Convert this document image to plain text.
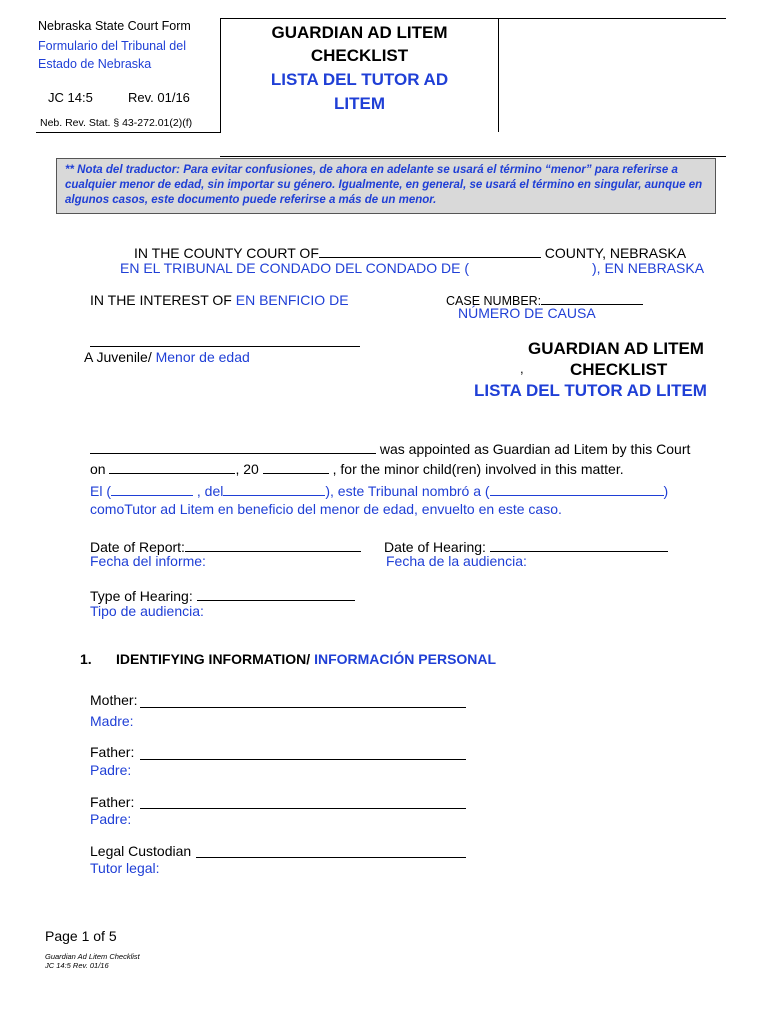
Nebraska State Court Form
Formulario del Tribunal del
Estado de Nebraska
JC 14:5	Rev. 01/16
Neb. Rev. Stat. § 43-272.01(2)(f)
GUARDIAN AD LITEM
CHECKLIST
LISTA DEL TUTOR AD
LITEM
** Nota del traductor: Para evitar confusiones, de ahora en adelante se usará el término “menor” para referirse a cualquier menor de edad, sin importar su género. Igualmente, en general, se usará el término en singular, aunque en algunos casos, este documento puede referirse a más de un menor.
IN THE COUNTY COURT OF	COUNTY, NEBRASKA
EN EL TRIBUNAL DE CONDADO DEL CONDADO DE (	), EN NEBRASKA
IN THE INTEREST OF EN BENFICIO DE	CASE NUMBER:
NÚMERO DE CAUSA
A Juvenile/ Menor de edad
,
GUARDIAN AD LITEM
CHECKLIST
LISTA DEL TUTOR AD LITEM
was appointed as Guardian ad Litem by this Court
on	, 20	, for the minor child(ren) involved in this matter.
El (	, del	), este Tribunal nombró a (	)
comoTutor ad Litem en beneficio del menor de edad, envuelto en este caso.
Date of Report:
Fecha del informe:
Date of Hearing:
Fecha de la audiencia:
Type of Hearing:
Tipo de audiencia:
1. IDENTIFYING INFORMATION/ INFORMACIÓN PERSONAL
Mother:
Madre:
Father:
Padre:
Father:
Padre:
Legal Custodian
Tutor legal:
Page 1 of 5
Guardian Ad Litem Checklist
JC 14:5 Rev. 01/16
